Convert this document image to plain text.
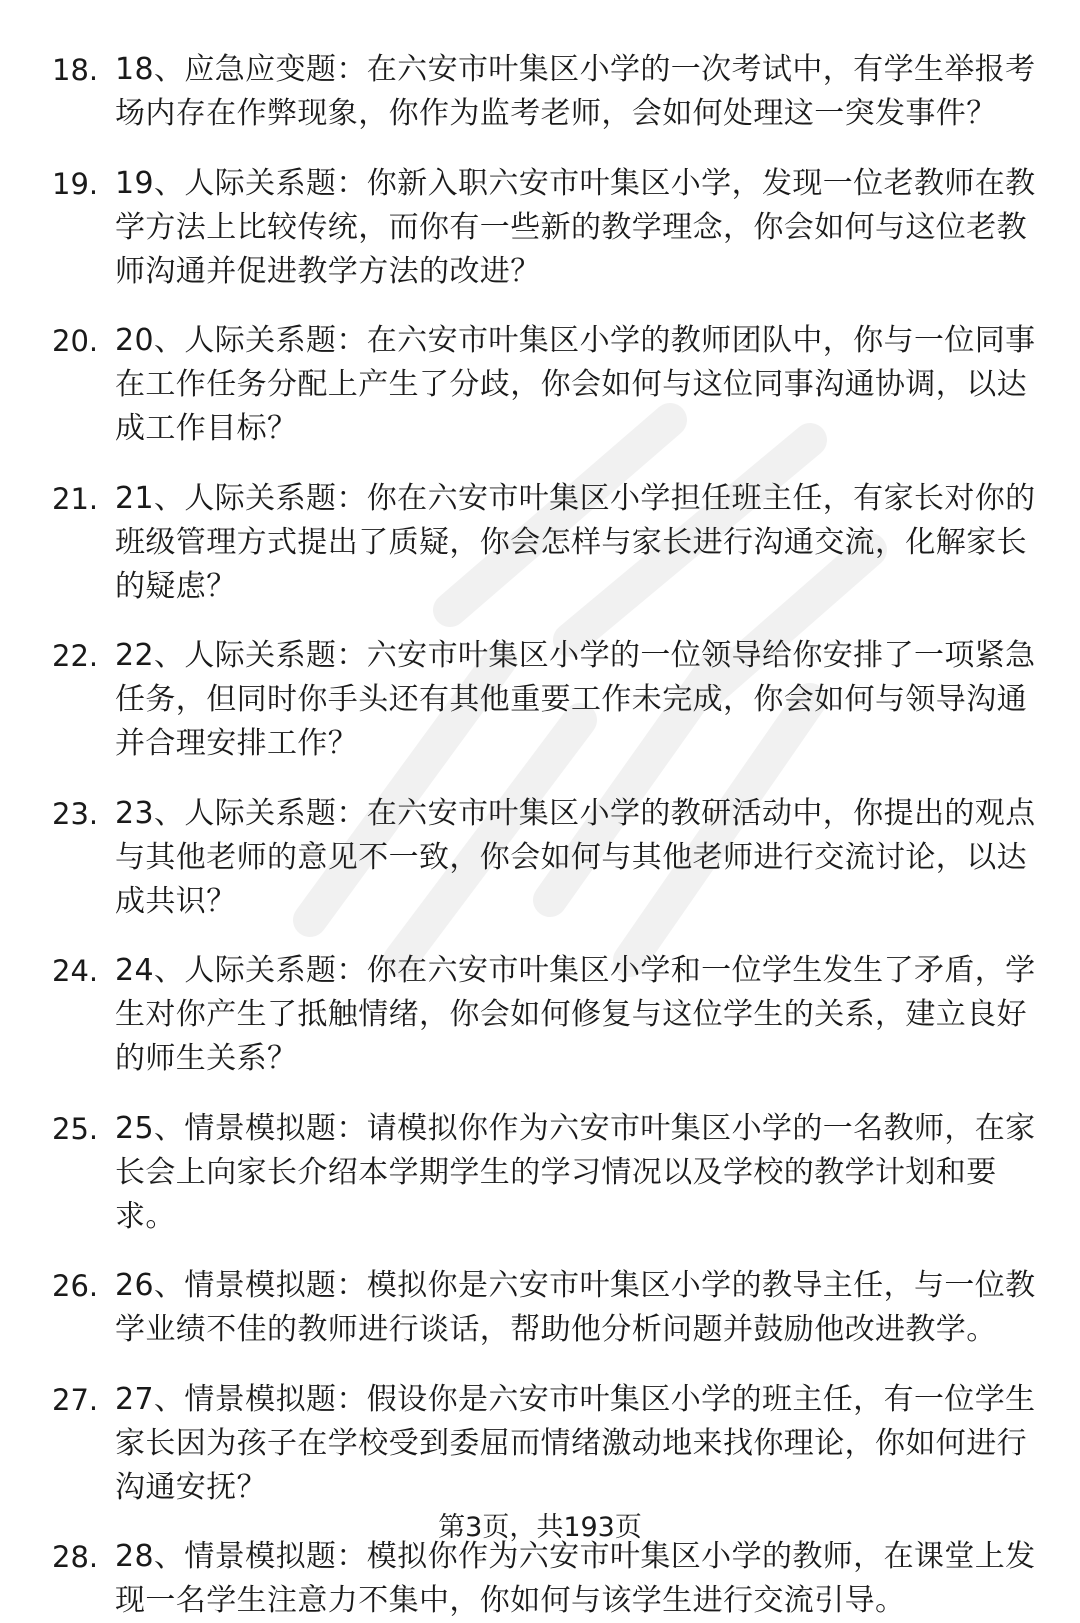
18. 18、应急应变题：在六安市叶集区小学的一次考试中，有学生举报考场内存在作弊现象，你作为监考老师，会如何处理这一突发事件？
19. 19、人际关系题：你新入职六安市叶集区小学，发现一位老教师在教学方法上比较传统，而你有一些新的教学理念，你会如何与这位老教师沟通并促进教学方法的改进？
20. 20、人际关系题：在六安市叶集区小学的教师团队中，你与一位同事在工作任务分配上产生了分歧，你会如何与这位同事沟通协调，以达成工作目标？
21. 21、人际关系题：你在六安市叶集区小学担任班主任，有家长对你的班级管理方式提出了质疑，你会怎样与家长进行沟通交流，化解家长的疑虑？
22. 22、人际关系题：六安市叶集区小学的一位领导给你安排了一项紧急任务，但同时你手头还有其他重要工作未完成，你会如何与领导沟通并合理安排工作？
23. 23、人际关系题：在六安市叶集区小学的教研活动中，你提出的观点与其他老师的意见不一致，你会如何与其他老师进行交流讨论，以达成共识？
24. 24、人际关系题：你在六安市叶集区小学和一位学生发生了矛盾，学生对你产生了抵触情绪，你会如何修复与这位学生的关系，建立良好的师生关系？
25. 25、情景模拟题：请模拟你作为六安市叶集区小学的一名教师，在家长会上向家长介绍本学期学生的学习情况以及学校的教学计划和要求。
26. 26、情景模拟题：模拟你是六安市叶集区小学的教导主任，与一位教学业绩不佳的教师进行谈话，帮助他分析问题并鼓励他改进教学。
27. 27、情景模拟题：假设你是六安市叶集区小学的班主任，有一位学生家长因为孩子在学校受到委屈而情绪激动地来找你理论，你如何进行沟通安抚？
28. 28、情景模拟题：模拟你作为六安市叶集区小学的教师，在课堂上发现一名学生注意力不集中，你如何与该学生进行交流引导。
第3页，共193页
